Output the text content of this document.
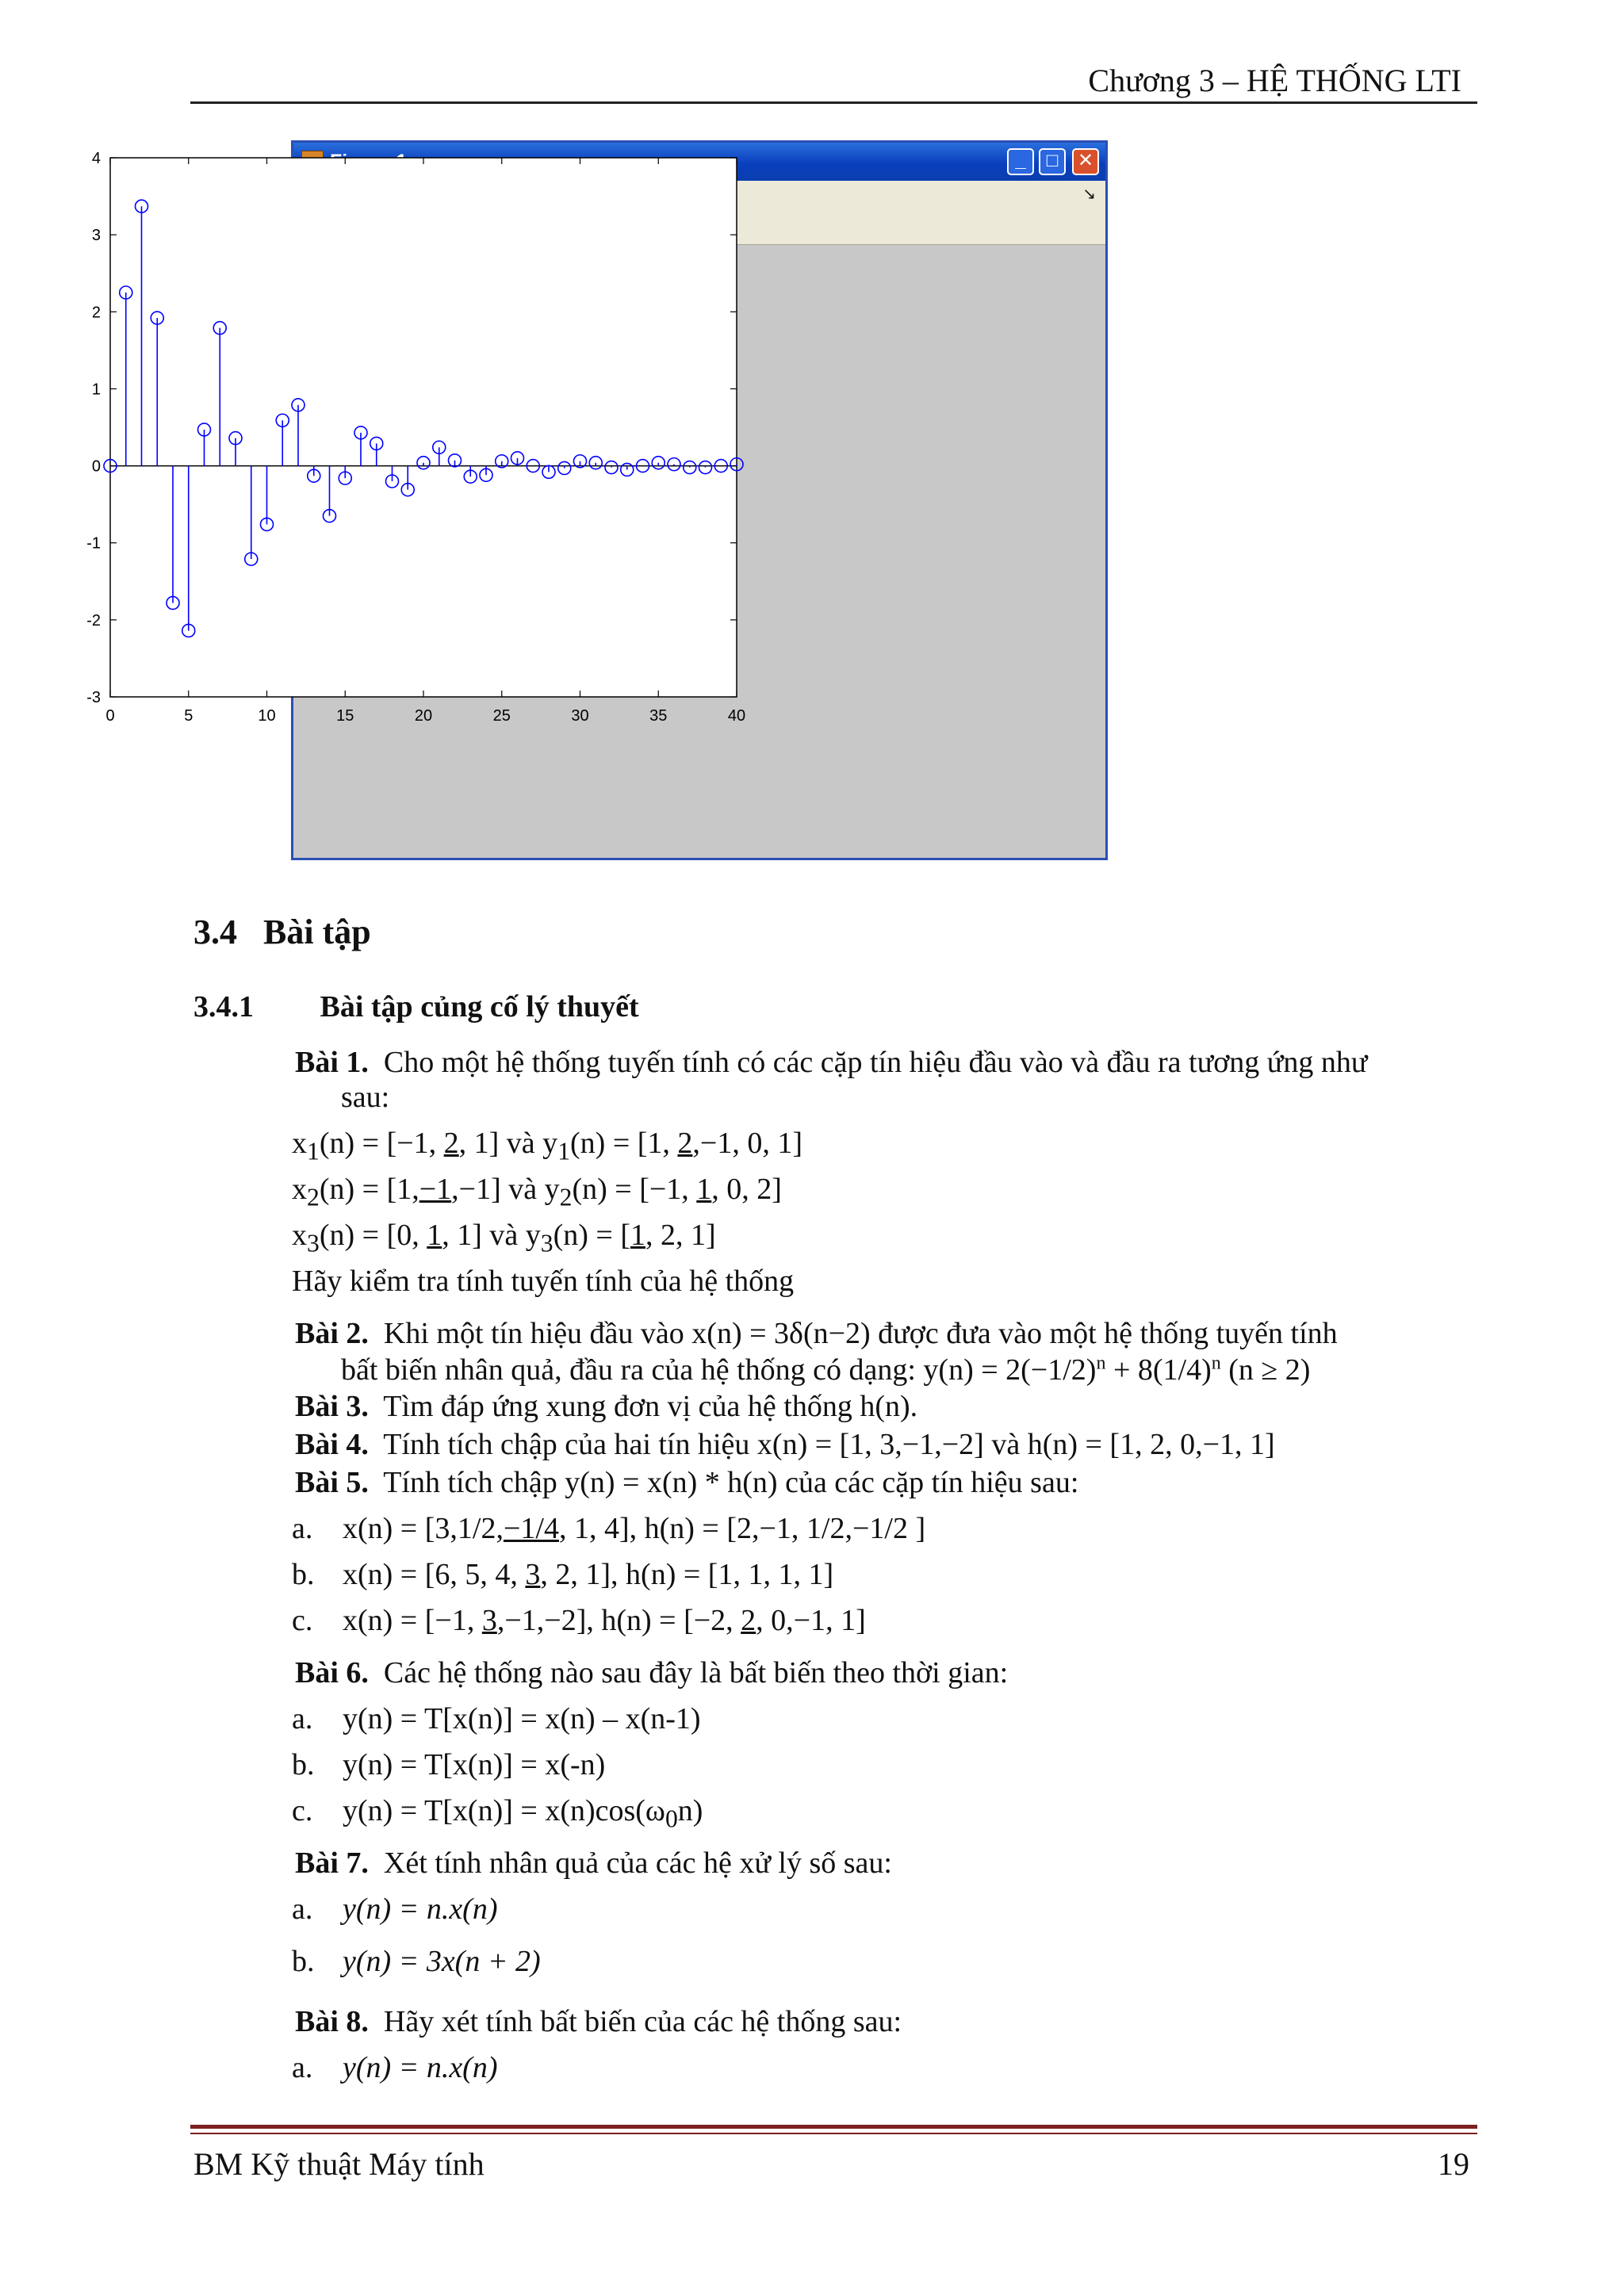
Chương 3 – HỆ THỐNG LTI
_	□	✕
↘
0	5	10	15	20	25	30	35	40
4
3
2
1
0
-1
-2
-3
3.4 Bài tập
3.4.1 Bài tập củng cố lý thuyết
Bài 1. Cho một hệ thống tuyến tính có các cặp tín hiệu đầu vào và đầu ra tương ứng như
sau:
$x_1(n) = [-1$, 2, 1] và $y_1(n) = [1$, 2,−1, 0, 1]
$x_2(n) = [1,-1,-1]$ và $y_2(n) = [-1$, 1, 0, 2]
$x_3(n) = [0$, 1, 1] và $y_3(n) = [1$, 2, 1]
Hãy kiểm tra tính tuyến tính của hệ thống
Bài 2. Khi một tín hiệu đầu vào x(n) = 3δ(n−2) được đưa vào một hệ thống tuyến tính
bất biến nhân quả, đầu ra của hệ thống có dạng: $y(n) = 2(-1/2)^n + 8(1/4)^n$ (n ≥ 2)
Bài 3. Tìm đáp ứng xung đơn vị của hệ thống h(n).
Bài 4. Tính tích chập của hai tín hiệu x(n) = [1, 3,−1,−2] và h(n) = [1, 2, 0,−1, 1]
Bài 5. Tính tích chập y(n) = x(n) * h(n) của các cặp tín hiệu sau:
a. x(n) = [3,1/2,−1/4, 1, 4], h(n) = [2,−1, 1/2,−1/2 ]
b. x(n) = [6, 5, 4, 3, 2, 1], h(n) = [1, 1, 1, 1]
c. x(n) = [−1, 3,−1,−2], h(n) = [−2, 2, 0,−1, 1]
Bài 6. Các hệ thống nào sau đây là bất biến theo thời gian:
a. y(n) = T[x(n)] = x(n) – x(n-1)
b. y(n) = T[x(n)] = x(-n)
c. $y(n) = T[x(n)] = x(n)\cos(\omega_0n)$
Bài 7. Xét tính nhân quả của các hệ xử lý số sau:
a. y(n) = n.x(n)
b. y(n) = 3x(n + 2)
Bài 8. Hãy xét tính bất biến của các hệ thống sau:
a. y(n) = n.x(n)
BM Kỹ thuật Máy tính	19
